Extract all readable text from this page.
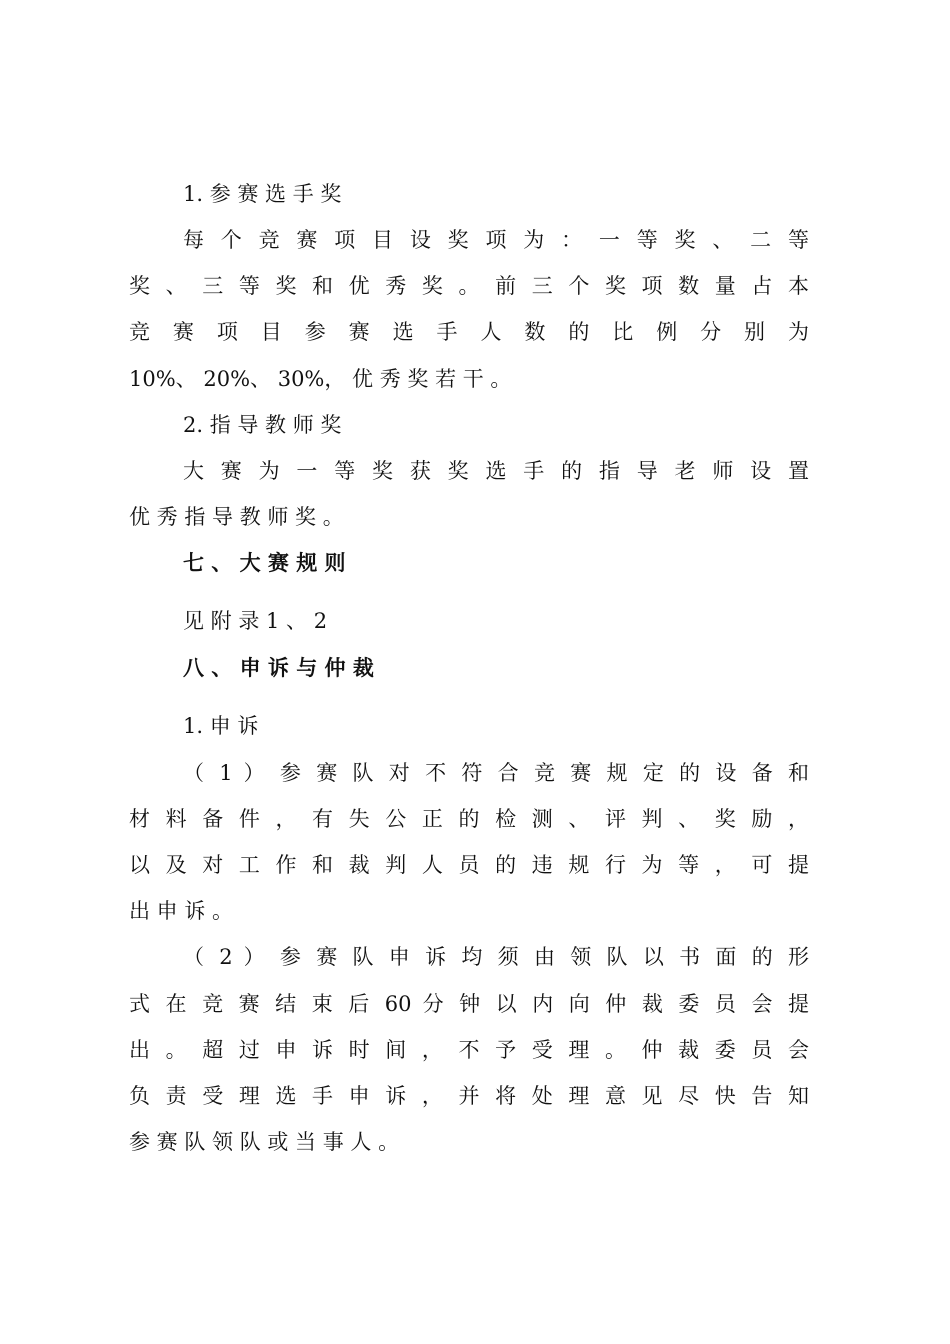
1. 参 赛 选 手 奖
每 个 竞 赛 项 目 设 奖 项 为 ： 一 等 奖 、 二 等
奖 、 三 等 奖 和 优 秀 奖 。 前 三 个 奖 项 数 量 占 本
竞 赛 项 目 参 赛 选 手 人 数 的 比 例 分 别 为
10%、 20%、 30%， 优 秀 奖 若 干 。
2. 指 导 教 师 奖
大 赛 为 一 等 奖 获 奖 选 手 的 指 导 老 师 设 置
优 秀 指 导 教 师 奖 。
七 、 大 赛 规 则
见 附 录 1 、 2
八 、 申 诉 与 仲 裁
1. 申 诉
（ 1 ） 参 赛 队 对 不 符 合 竞 赛 规 定 的 设 备 和
材 料 备 件 ， 有 失 公 正 的 检 测 、 评 判 、 奖 励 ，
以 及 对 工 作 和 裁 判 人 员 的 违 规 行 为 等 ， 可 提
出 申 诉 。
（ 2 ） 参 赛 队 申 诉 均 须 由 领 队 以 书 面 的 形
式 在 竞 赛 结 束 后 60 分 钟 以 内 向 仲 裁 委 员 会 提
出 。 超 过 申 诉 时 间 ， 不 予 受 理 。 仲 裁 委 员 会
负 责 受 理 选 手 申 诉 ， 并 将 处 理 意 见 尽 快 告 知
参 赛 队 领 队 或 当 事 人 。
